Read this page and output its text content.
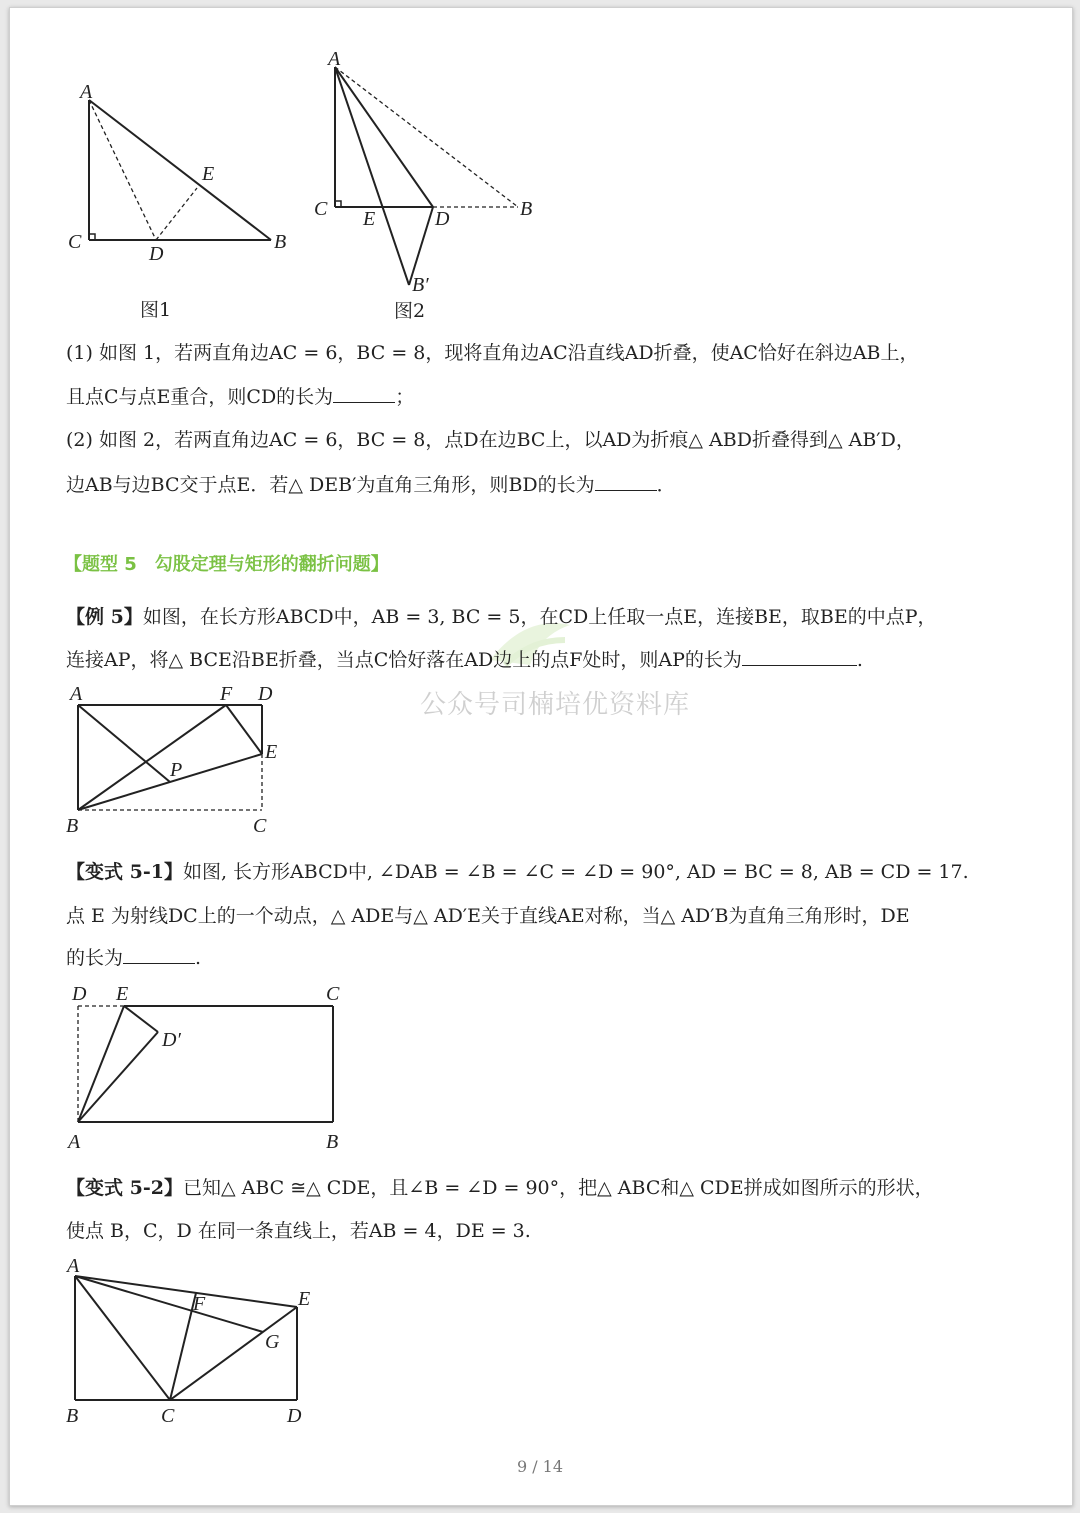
A
C
D
B
E
图1
A
C E	D	B
B′
图2
(1) 如图 1，若两直角边AC = 6，BC = 8，现将直角边AC沿直线AD折叠，使AC恰好在斜边AB上，
且点C与点E重合，则CD的长为	；
(2) 如图 2，若两直角边AC = 6，BC = 8，点D在边BC上，以AD为折痕△ ABD折叠得到△ AB′D，
边AB与边BC交于点E．若△ DEB′为直角三角形，则BD的长为	．
【题型 5　勾股定理与矩形的翻折问题】
公众号司楠培优资料库
【例 5】如图，在长方形ABCD中，AB = 3, BC = 5，在CD上任取一点E，连接BE，取BE的中点P，
连接AP，将△ BCE沿BE折叠，当点C恰好落在AD边上的点F处时，则AP的长为	.
A	F D
E
P
B	C
【变式 5-1】如图, 长方形ABCD中, ∠DAB = ∠B = ∠C = ∠D = 90°, AD = BC = 8, AB = CD = 17.
点 E 为射线DC上的一个动点，△ ADE与△ AD′E关于直线AE对称，当△ AD′B为直角三角形时，DE
的长为	.
D E	C
D′
A	B
【变式 5-2】已知△ ABC ≅△ CDE，且∠B = ∠D = 90°，把△ ABC和△ CDE拼成如图所示的形状，
使点 B，C，D 在同一条直线上，若AB = 4，DE = 3.
A
F	E
G
B	C	D
9 / 14
